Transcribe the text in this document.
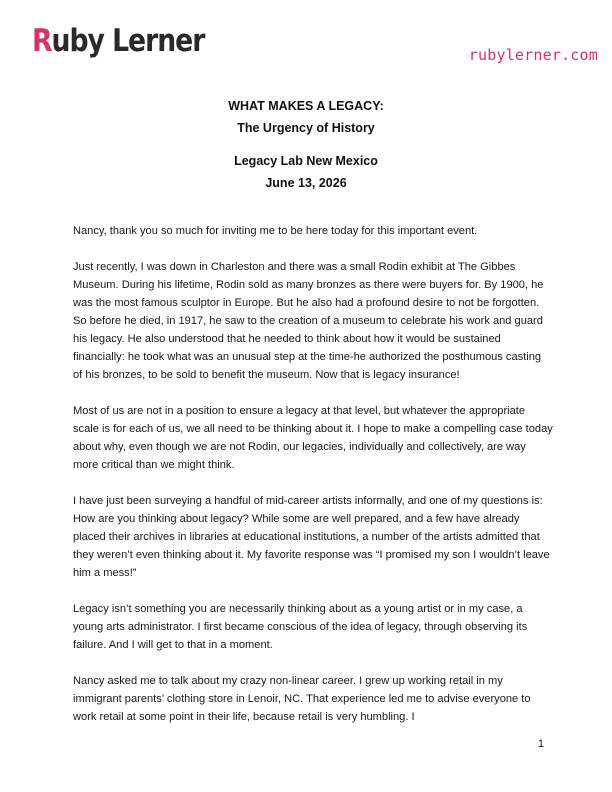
Ruby Lerner	rubylerner.com
WHAT MAKES A LEGACY:
The Urgency of History
Legacy Lab New Mexico
June 13, 2026

Nancy, thank you so much for inviting me to be here today for this important event.

Just recently, I was down in Charleston and there was a small Rodin exhibit at The Gibbes Museum. During his lifetime, Rodin sold as many bronzes as there were buyers for. By 1900, he was the most famous sculptor in Europe. But he also had a profound desire to not be forgotten. So before he died, in 1917, he saw to the creation of a museum to celebrate his work and guard his legacy. He also understood that he needed to think about how it would be sustained financially: he took what was an unusual step at the time-he authorized the posthumous casting of his bronzes, to be sold to benefit the museum. Now that is legacy insurance!

Most of us are not in a position to ensure a legacy at that level, but whatever the appropriate scale is for each of us, we all need to be thinking about it. I hope to make a compelling case today about why, even though we are not Rodin, our legacies, individually and collectively, are way more critical than we might think.

I have just been surveying a handful of mid-career artists informally, and one of my questions is: How are you thinking about legacy? While some are well prepared, and a few have already placed their archives in libraries at educational institutions, a number of the artists admitted that they weren’t even thinking about it. My favorite response was “I promised my son I wouldn’t leave him a mess!”

Legacy isn’t something you are necessarily thinking about as a young artist or in my case, a young arts administrator. I first became conscious of the idea of legacy, through observing its failure. And I will get to that in a moment.

Nancy asked me to talk about my crazy non-linear career. I grew up working retail in my immigrant parents’ clothing store in Lenoir, NC. That experience led me to advise everyone to work retail at some point in their life, because retail is very humbling. I

1
